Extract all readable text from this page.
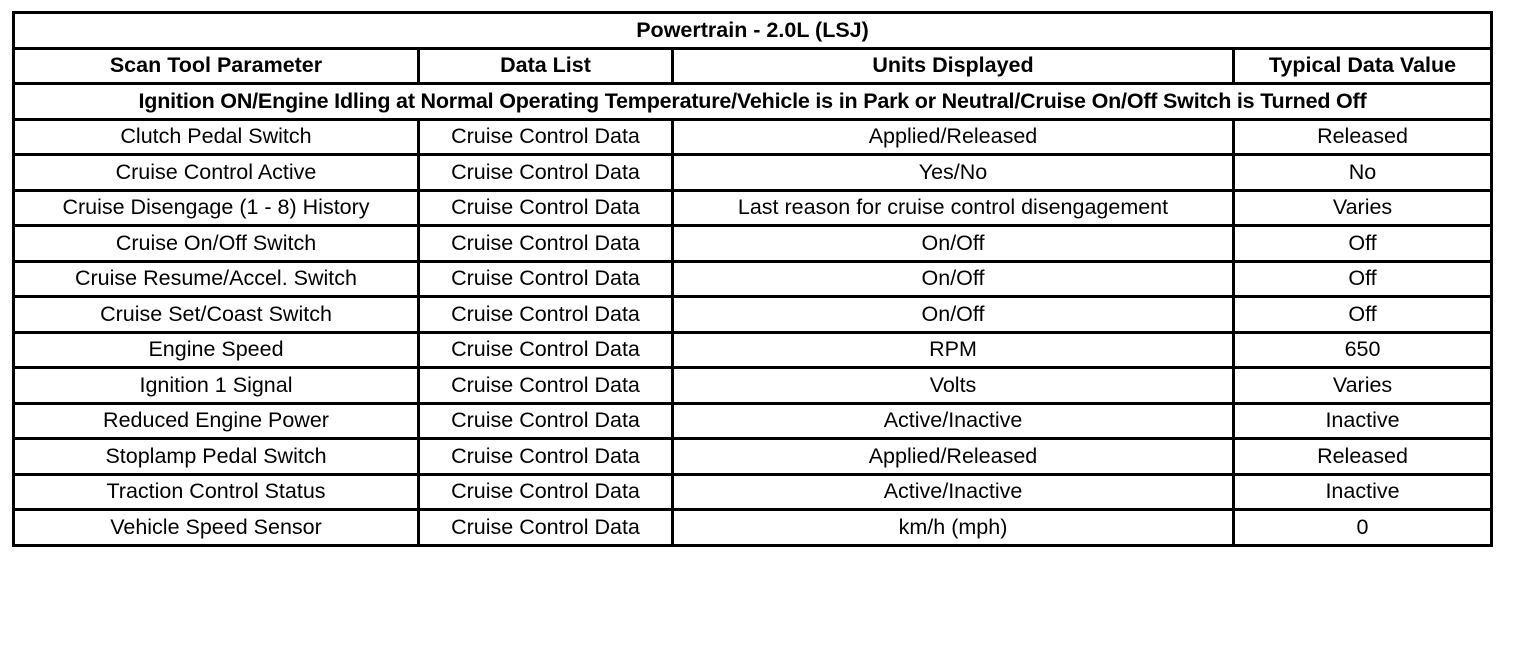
Powertrain - 2.0L (LSJ)			
Scan Tool Parameter	Data List	Units Displayed	Typical Data Value
Ignition ON/Engine Idling at Normal Operating Temperature/Vehicle is in Park or Neutral/Cruise On/Off Switch is Turned Off			
Clutch Pedal Switch	Cruise Control Data	Applied/Released	Released
Cruise Control Active	Cruise Control Data	Yes/No	No
Cruise Disengage (1 - 8) History	Cruise Control Data	Last reason for cruise control disengagement	Varies
Cruise On/Off Switch	Cruise Control Data	On/Off	Off
Cruise Resume/Accel. Switch	Cruise Control Data	On/Off	Off
Cruise Set/Coast Switch	Cruise Control Data	On/Off	Off
Engine Speed	Cruise Control Data	RPM	650
Ignition 1 Signal	Cruise Control Data	Volts	Varies
Reduced Engine Power	Cruise Control Data	Active/Inactive	Inactive
Stoplamp Pedal Switch	Cruise Control Data	Applied/Released	Released
Traction Control Status	Cruise Control Data	Active/Inactive	Inactive
Vehicle Speed Sensor	Cruise Control Data	km/h (mph)	0
